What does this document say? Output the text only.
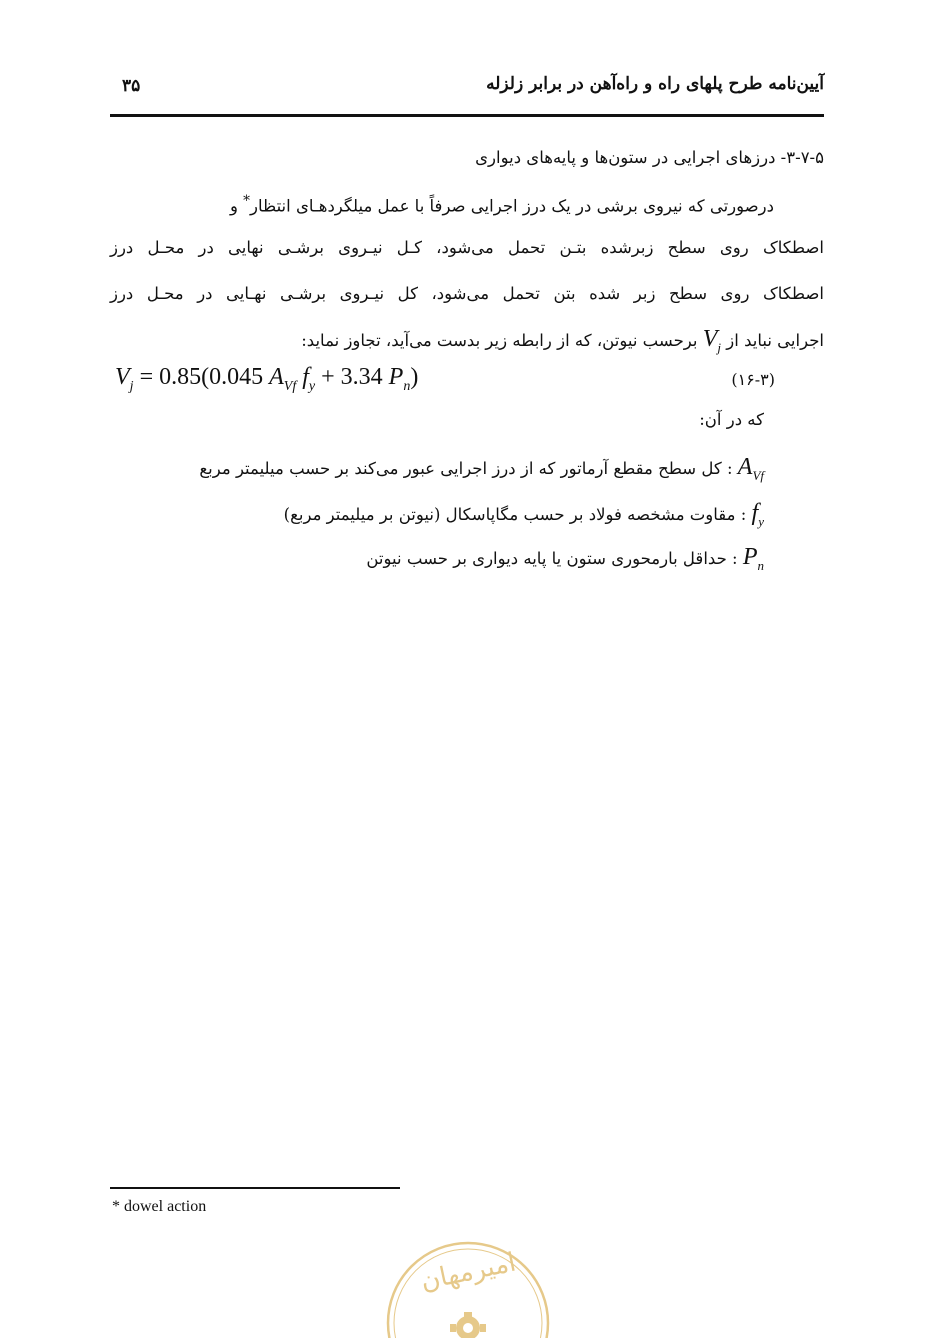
۳۵	آیین‌نامه طرح پلهای راه و راه‌آهن در برابر زلزله
۳-۷-۵- درزهای اجرایی در ستون‌ها و پایه‌های دیواری
درصورتی که نیروی برشی در یک درز اجرایی صرفاً با عمل میلگردهـای انتظار* و
اصطکاک روی سطح زبرشده بتـن تحمل می‌شود، کـل نیـروی برشـی نهایی در محـل درز
اصطکاک روی سطح زبر شده بتن تحمل می‌شود، کل نیـروی برشـی نهـایی در محـل درز
اجرایی نباید از $V_j$ برحسب نیوتن، که از رابطه زیر بدست می‌آید، تجاوز نماید:
$V_j = 0.85(0.045$ $A_{Vf}$ $f_y + 3.34$ $P_n$)	(۱۶-۳)
که در آن:
$A_{Vf}$ : کل سطح مقطع آرماتور که از درز اجرایی عبور می‌کند بر حسب میلیمتر مربع
$f_y$ : مقاوت مشخصه فولاد بر حسب مگاپاسکال (نیوتن بر میلیمتر مربع)
$P_n$ : حداقل بارمحوری ستون یا پایه دیواری بر حسب نیوتن
* dowel action
امیرمهان
